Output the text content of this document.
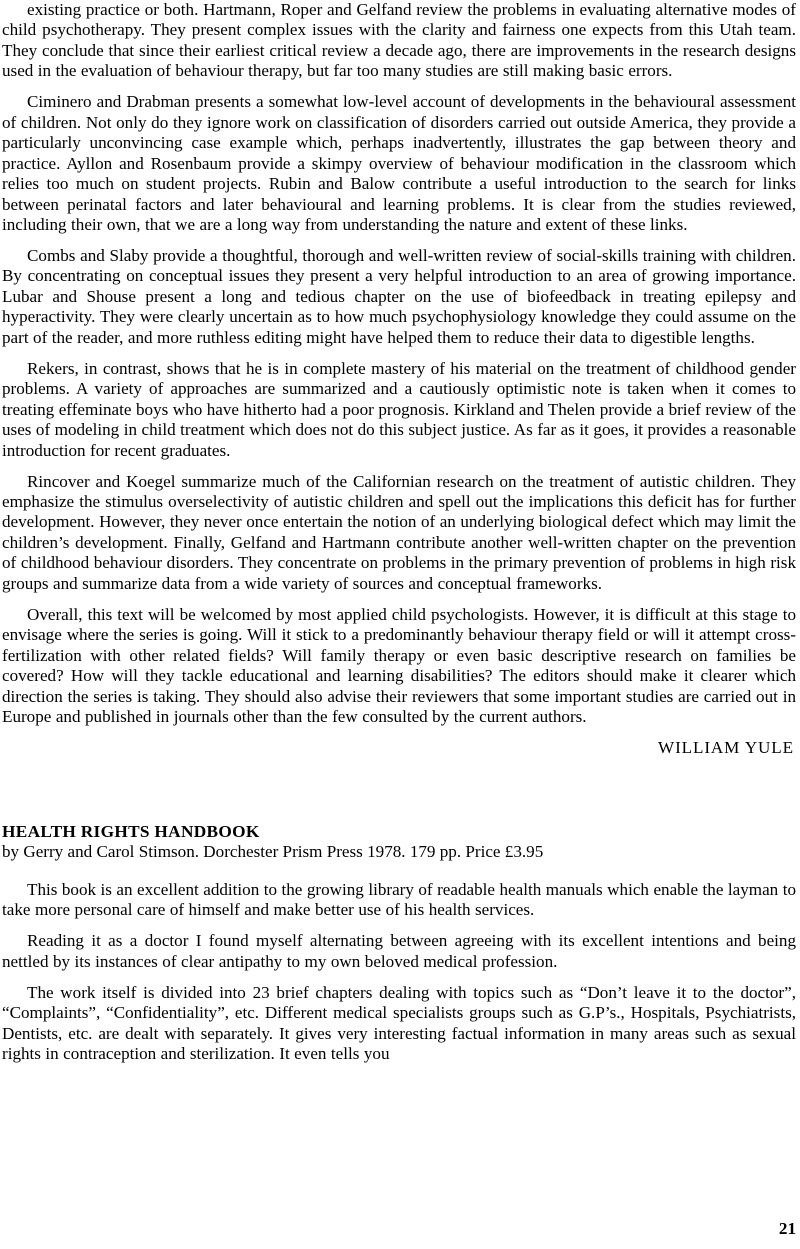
existing practice or both. Hartmann, Roper and Gelfand review the problems in evaluating alternative modes of child psychotherapy. They present complex issues with the clarity and fairness one expects from this Utah team. They conclude that since their earliest critical review a decade ago, there are improvements in the research designs used in the evaluation of behaviour therapy, but far too many studies are still making basic errors.

Ciminero and Drabman presents a somewhat low-level account of developments in the behavioural assessment of children. Not only do they ignore work on classification of disorders carried out outside America, they provide a particularly unconvincing case example which, perhaps inadvertently, illustrates the gap between theory and practice. Ayllon and Rosenbaum provide a skimpy overview of behaviour modification in the classroom which relies too much on student projects. Rubin and Balow contribute a useful introduction to the search for links between perinatal factors and later behavioural and learning problems. It is clear from the studies reviewed, including their own, that we are a long way from understanding the nature and extent of these links.

Combs and Slaby provide a thoughtful, thorough and well-written review of social-skills training with children. By concentrating on conceptual issues they present a very helpful introduction to an area of growing importance. Lubar and Shouse present a long and tedious chapter on the use of biofeedback in treating epilepsy and hyperactivity. They were clearly uncertain as to how much psychophysiology knowledge they could assume on the part of the reader, and more ruthless editing might have helped them to reduce their data to digestible lengths.

Rekers, in contrast, shows that he is in complete mastery of his material on the treatment of childhood gender problems. A variety of approaches are summarized and a cautiously optimistic note is taken when it comes to treating effeminate boys who have hitherto had a poor prognosis. Kirkland and Thelen provide a brief review of the uses of modeling in child treatment which does not do this subject justice. As far as it goes, it provides a reasonable introduction for recent graduates.

Rincover and Koegel summarize much of the Californian research on the treatment of autistic children. They emphasize the stimulus overselectivity of autistic children and spell out the implications this deficit has for further development. However, they never once entertain the notion of an underlying biological defect which may limit the children’s development. Finally, Gelfand and Hartmann contribute another well-written chapter on the prevention of childhood behaviour disorders. They concentrate on problems in the primary prevention of problems in high risk groups and summarize data from a wide variety of sources and conceptual frameworks.

Overall, this text will be welcomed by most applied child psychologists. However, it is difficult at this stage to envisage where the series is going. Will it stick to a predominantly behaviour therapy field or will it attempt cross-fertilization with other related fields? Will family therapy or even basic descriptive research on families be covered? How will they tackle educational and learning disabilities? The editors should make it clearer which direction the series is taking. They should also advise their reviewers that some important studies are carried out in Europe and published in journals other than the few consulted by the current authors.

WILLIAM YULE
HEALTH RIGHTS HANDBOOK
by Gerry and Carol Stimson. Dorchester Prism Press 1978. 179 pp. Price £3.95

This book is an excellent addition to the growing library of readable health manuals which enable the layman to take more personal care of himself and make better use of his health services.

Reading it as a doctor I found myself alternating between agreeing with its excellent intentions and being nettled by its instances of clear antipathy to my own beloved medical profession.

The work itself is divided into 23 brief chapters dealing with topics such as “Don’t leave it to the doctor”, “Complaints”, “Confidentiality”, etc. Different medical specialists groups such as G.P’s., Hospitals, Psychiatrists, Dentists, etc. are dealt with separately. It gives very interesting factual information in many areas such as sexual rights in contraception and sterilization. It even tells you

21
